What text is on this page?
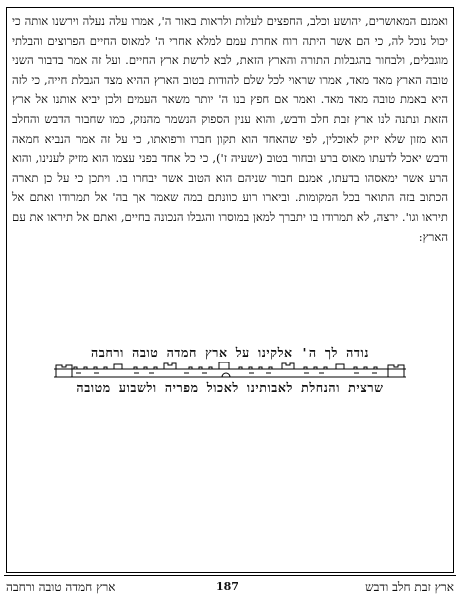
ואמנם המאושרים, יהושע וכלב, החפצים לעלות ולראות באור ה', אמרו עלה נעלה וירשנו אותה כי יכול נוכל לה, כי הם אשר היתה רוח אחרת עמם למלא אחרי ה' למאוס החיים הפרוצים והבלתי מוגבלים, ולבחור בהגבלות התורה והארץ הזאת, לבא לרשת ארץ החיים. ועל זה אמר בדבור השני טובה הארץ מאד מאד, אמרו שראוי לכל שלם להודות בטוב הארץ ההיא מצד הגבלת חייה, כי לזה היא באמת טובה מאד מאד. ואמר אם חפץ בנו ה' יותר משאר העמים ולכן יביא אותנו אל ארץ הזאת ונתנה לנו ארץ זבת חלב ודבש, והוא ענין הספוק הנשמר מהנזק, כמו שחבור הדבש והחלב הוא מזון שלא יזיק לאוכלין, לפי שהאחד הוא תקון חברו ורפואתו, כי על זה אמר הנביא חמאה ודבש יאכל לדעתו מאוס ברע ובחור בטוב (ישעיה ז'), כי כל אחד בפני עצמו הוא מזיק לענינו, והוא הרע אשר ימאסהו בדעתו, אמנם חבור שניהם הוא הטוב אשר יבחרו בו. ויתכן כי על כן תארה הכתוב בזה התואר בכל המקומות. וביארו רוע כוונתם במה שאמר אך בה' אל תמרודו ואתם אל תיראו וגו'. ירצה, לא תמרודו בו יתברך למאן במוסרו והגבלו הנכונה בחיים, ואתם אל תיראו את עם הארץ:

נודה לך ה' אלקינו על ארץ חמדה טובה ורחבה

שרצית והנחלת לאבותינו לאכול מפריה ולשבוע מטובה

ארץ חמדה טובה ורחבה	187	ארץ זבת חלב ודבש
